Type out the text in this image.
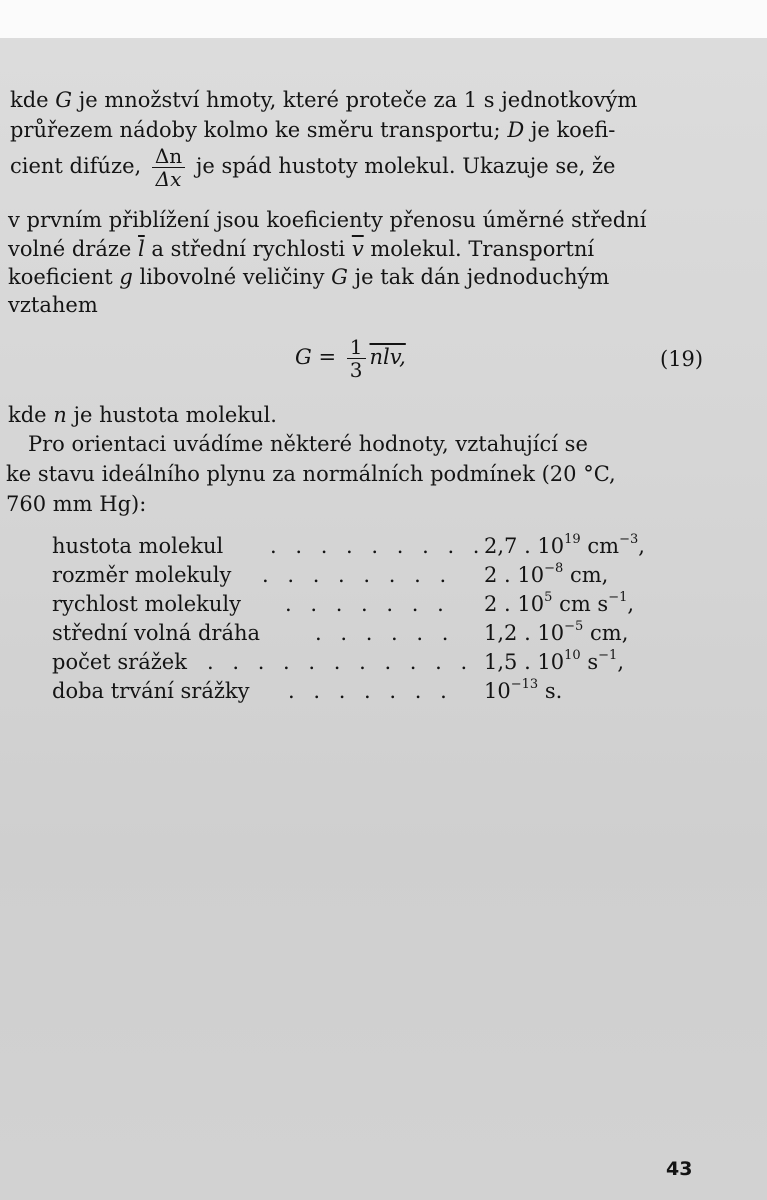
kde G je množství hmoty, které proteče za 1 s jednotkovým
průřezem nádoby kolmo ke směru transportu; D je koefi-
cient difúze, $\frac{\Delta n}{\Delta x}$ je spád hustoty molekul. Ukazuje se, že
v prvním přiblížení jsou koeficienty přenosu úměrné střední
volné dráze $\overline{l}$ a střední rychlosti $\overline{v}$ molekul. Transportní
koeficient g libovolné veličiny G je tak dán jednoduchým
vztahem
$G = \frac{1}{3}$ nlv,	(19)
kde n je hustota molekul.
Pro orientaci uvádíme některé hodnoty, vztahující se
ke stavu ideálního plynu za normálních podmínek (20 °C,
760 mm Hg):
hustota molekul . . . . . . . . .
2,7 . $10^{19}$ $cm^{-3}$,
rozměr molekuly . . . . . . . . 2 . $10^{-8}$ cm,
rychlost molekuly . . . . . . . 2 . $10^5$ cm $s^{-1}$,
střední volná dráha	. . . . . . 1,2 . $10^{-5}$ cm,
počet srážek . . . . . . . . . . . 1,5 . $10^{10}$ $s^{-1}$,
doba trvání srážky . . . . . . . $10^{-13}$ s.
43
